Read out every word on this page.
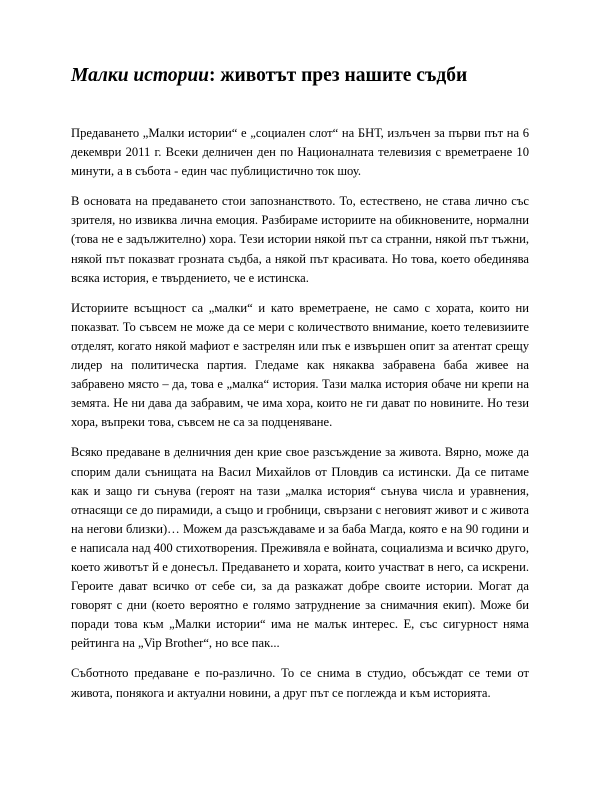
Малки истории: животът през нашите съдби

Предаването „Малки истории“ е „социален слот“ на БНТ, излъчен за първи път на 6 декември 2011 г. Всеки делничен ден по Националната телевизия с времетраене 10 минути, а в събота - един час публицистично ток шоу.

В основата на предаването стои запознанството. То, естествено, не става лично със зрителя, но извиква лична емоция. Разбираме историите на обикновените, нормални (това не е задължително) хора. Тези истории някой път са странни, някой път тъжни, някой път показват грозната съдба, а някой път красивата. Но това, което обединява всяка история, е твърдението, че е истинска.

Историите всъщност са „малки“ и като времетраене, не само с хората, които ни показват. То съвсем не може да се мери с количеството внимание, което телевизиите отделят, когато някой мафиот е застрелян или пък е извършен опит за атентат срещу лидер на политическа партия. Гледаме как някаква забравена баба живее на забравено място – да, това е „малка“ история. Тази малка история обаче ни крепи на земята. Не ни дава да забравим, че има хора, които не ги дават по новините. Но тези хора, въпреки това, съвсем не са за подценяване.

Всяко предаване в делничния ден крие свое разсъждение за живота. Вярно, може да спорим дали сънищата на Васил Михайлов от Пловдив са истински. Да се питаме как и защо ги сънува (героят на тази „малка история“ сънува числа и уравнения, отнасящи се до пирамиди, а също и гробници, свързани с неговият живот и с живота на негови близки)… Можем да разсъждаваме и за баба Магда, която е на 90 години и е написала над 400 стихотворения. Преживяла е войната, социализма и всичко друго, което животът й е донесъл. Предаването и хората, които участват в него, са искрени. Героите дават всичко от себе си, за да разкажат добре своите истории. Могат да говорят с дни (което вероятно е голямо затруднение за снимачния екип). Може би поради това към „Малки истории“ има не малък интерес. Е, със сигурност няма рейтинга на „Vip Brother“, но все пак...

Съботното предаване е по-различно. То се снима в студио, обсъждат се теми от живота, понякога и актуални новини, а друг път се поглежда и към историята.
